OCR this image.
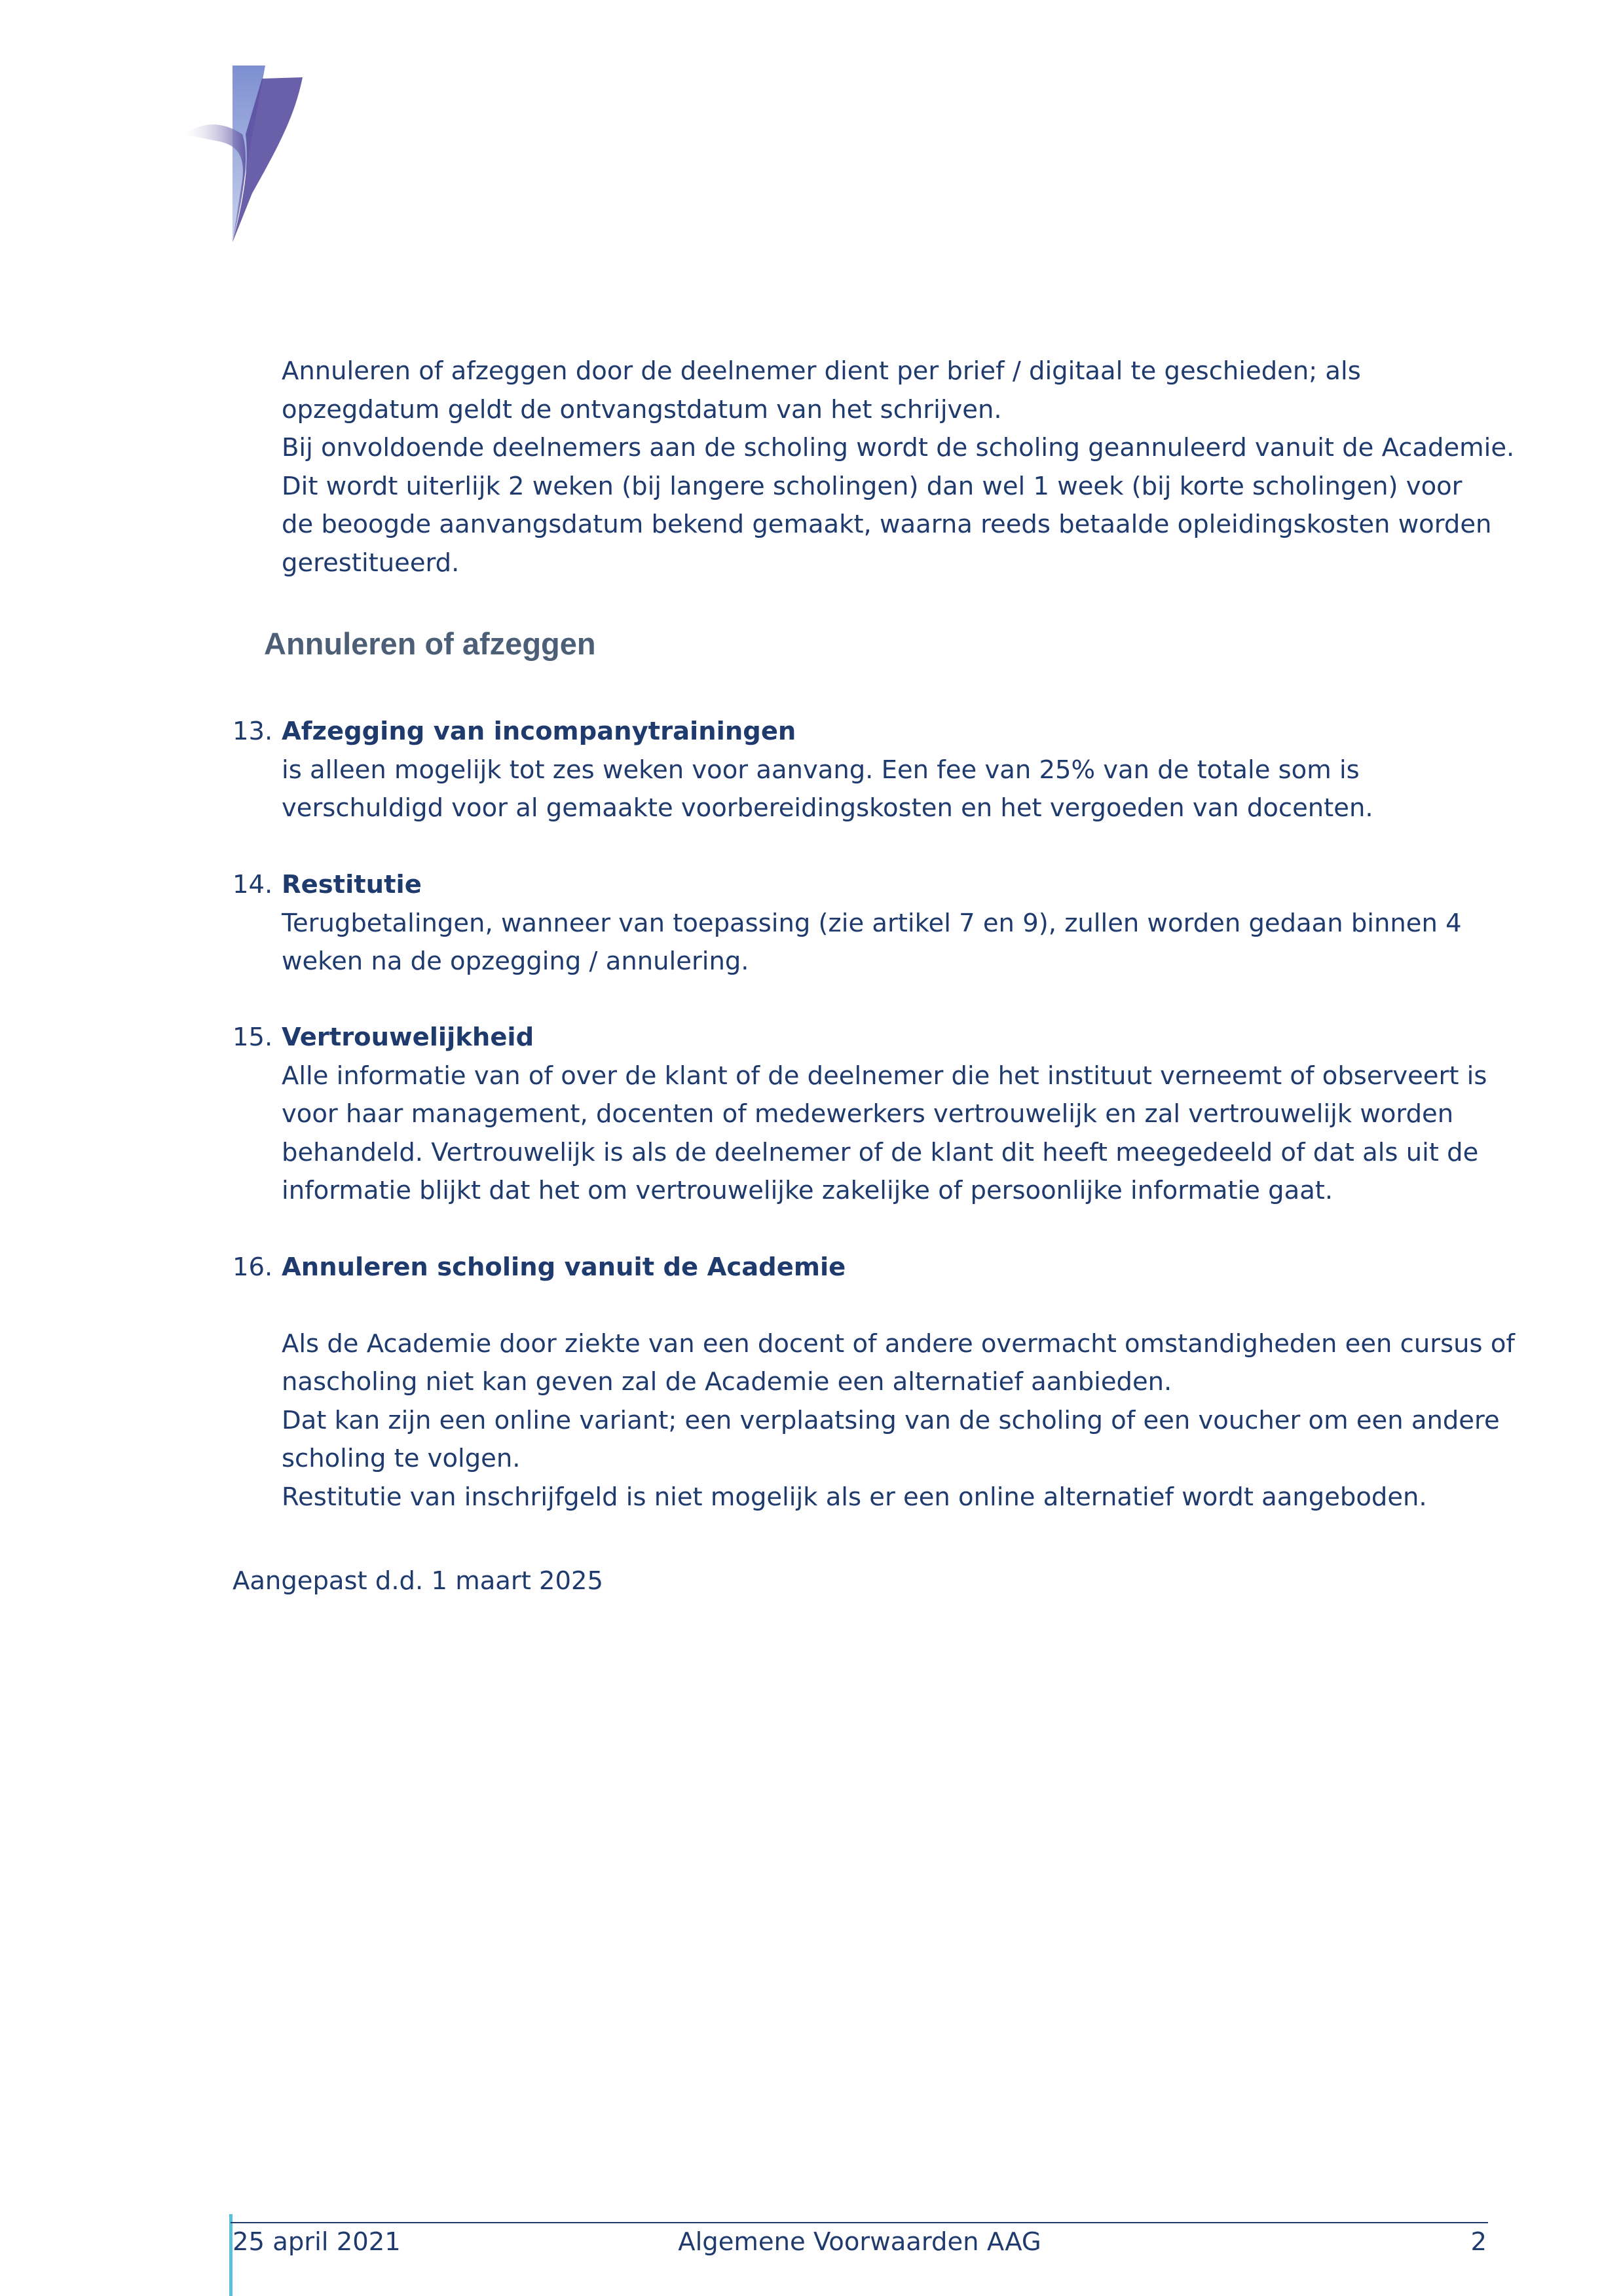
Annuleren of afzeggen door de deelnemer dient per brief / digitaal te geschieden; als
opzegdatum geldt de ontvangstdatum van het schrijven.
Bij onvoldoende deelnemers aan de scholing wordt de scholing geannuleerd vanuit de Academie.
Dit wordt uiterlijk 2 weken (bij langere scholingen) dan wel 1 week (bij korte scholingen) voor
de beoogde aanvangsdatum bekend gemaakt, waarna reeds betaalde opleidingskosten worden
gerestitueerd.
Annuleren of afzeggen
13. Afzegging van incompanytrainingen
is alleen mogelijk tot zes weken voor aanvang. Een fee van 25% van de totale som is
verschuldigd voor al gemaakte voorbereidingskosten en het vergoeden van docenten.
14. Restitutie
Terugbetalingen, wanneer van toepassing (zie artikel 7 en 9), zullen worden gedaan binnen 4
weken na de opzegging / annulering.
15. Vertrouwelijkheid
Alle informatie van of over de klant of de deelnemer die het instituut verneemt of observeert is
voor haar management, docenten of medewerkers vertrouwelijk en zal vertrouwelijk worden
behandeld. Vertrouwelijk is als de deelnemer of de klant dit heeft meegedeeld of dat als uit de
informatie blijkt dat het om vertrouwelijke zakelijke of persoonlijke informatie gaat.
16. Annuleren scholing vanuit de Academie
Als de Academie door ziekte van een docent of andere overmacht omstandigheden een cursus of
nascholing niet kan geven zal de Academie een alternatief aanbieden.
Dat kan zijn een online variant; een verplaatsing van de scholing of een voucher om een andere
scholing te volgen.
Restitutie van inschrijfgeld is niet mogelijk als er een online alternatief wordt aangeboden.
Aangepast d.d. 1 maart 2025
25 april 2021	Algemene Voorwaarden AAG	2
